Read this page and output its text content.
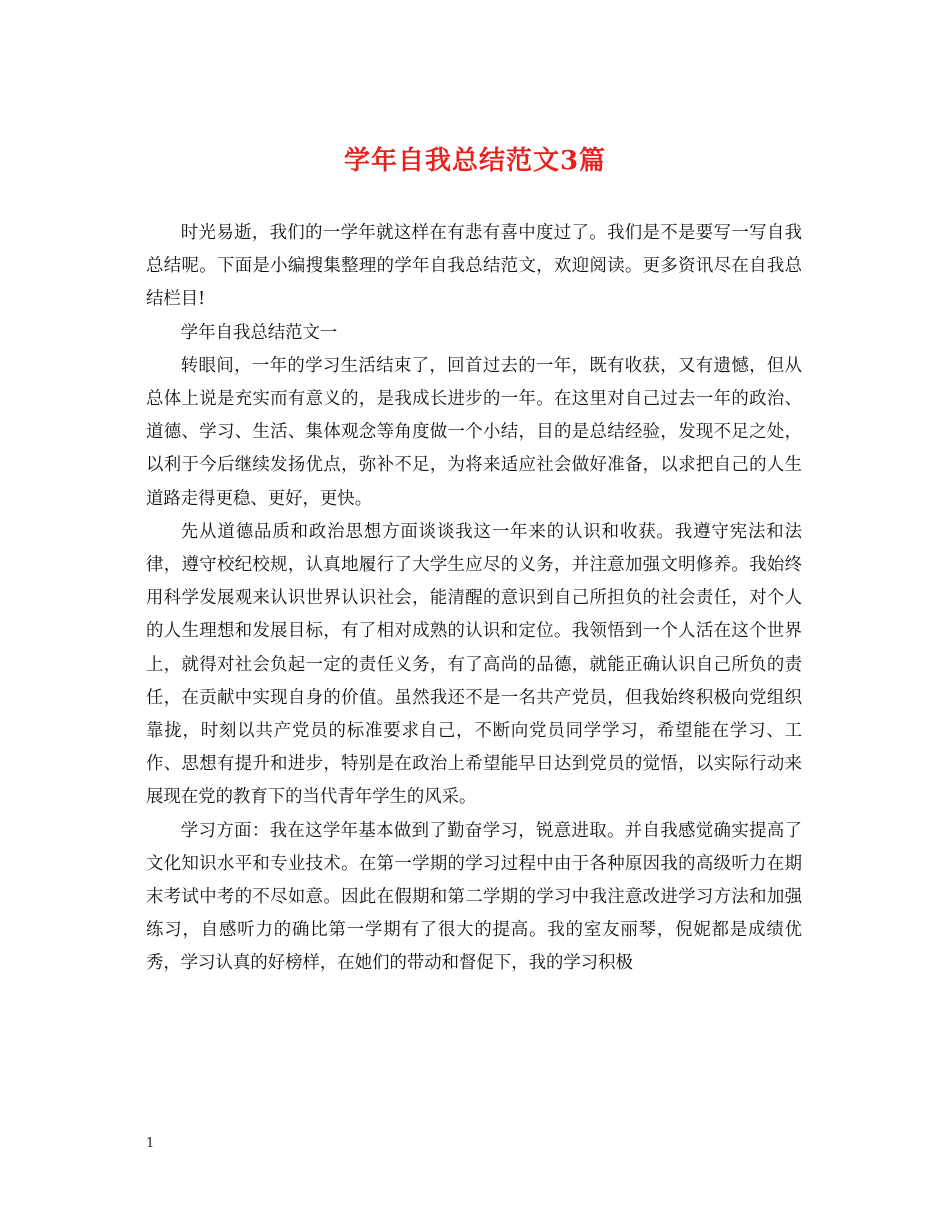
学年自我总结范文3篇

时光易逝，我们的一学年就这样在有悲有喜中度过了。我们是不是要写一写自我总结呢。下面是小编搜集整理的学年自我总结范文，欢迎阅读。更多资讯尽在自我总结栏目!

学年自我总结范文一

转眼间，一年的学习生活结束了，回首过去的一年，既有收获，又有遗憾，但从总体上说是充实而有意义的，是我成长进步的一年。在这里对自己过去一年的政治、道德、学习、生活、集体观念等角度做一个小结，目的是总结经验，发现不足之处，以利于今后继续发扬优点，弥补不足，为将来适应社会做好准备，以求把自己的人生道路走得更稳、更好，更快。

先从道德品质和政治思想方面谈谈我这一年来的认识和收获。我遵守宪法和法律，遵守校纪校规，认真地履行了大学生应尽的义务，并注意加强文明修养。我始终用科学发展观来认识世界认识社会，能清醒的意识到自己所担负的社会责任，对个人的人生理想和发展目标，有了相对成熟的认识和定位。我领悟到一个人活在这个世界上，就得对社会负起一定的责任义务，有了高尚的品德，就能正确认识自己所负的责任，在贡献中实现自身的价值。虽然我还不是一名共产党员，但我始终积极向党组织靠拢，时刻以共产党员的标准要求自己，不断向党员同学学习，希望能在学习、工作、思想有提升和进步，特别是在政治上希望能早日达到党员的觉悟，以实际行动来展现在党的教育下的当代青年学生的风采。

学习方面：我在这学年基本做到了勤奋学习，锐意进取。并自我感觉确实提高了文化知识水平和专业技术。在第一学期的学习过程中由于各种原因我的高级听力在期末考试中考的不尽如意。因此在假期和第二学期的学习中我注意改进学习方法和加强练习，自感听力的确比第一学期有了很大的提高。我的室友丽琴，倪妮都是成绩优秀，学习认真的好榜样，在她们的带动和督促下，我的学习积极

1
